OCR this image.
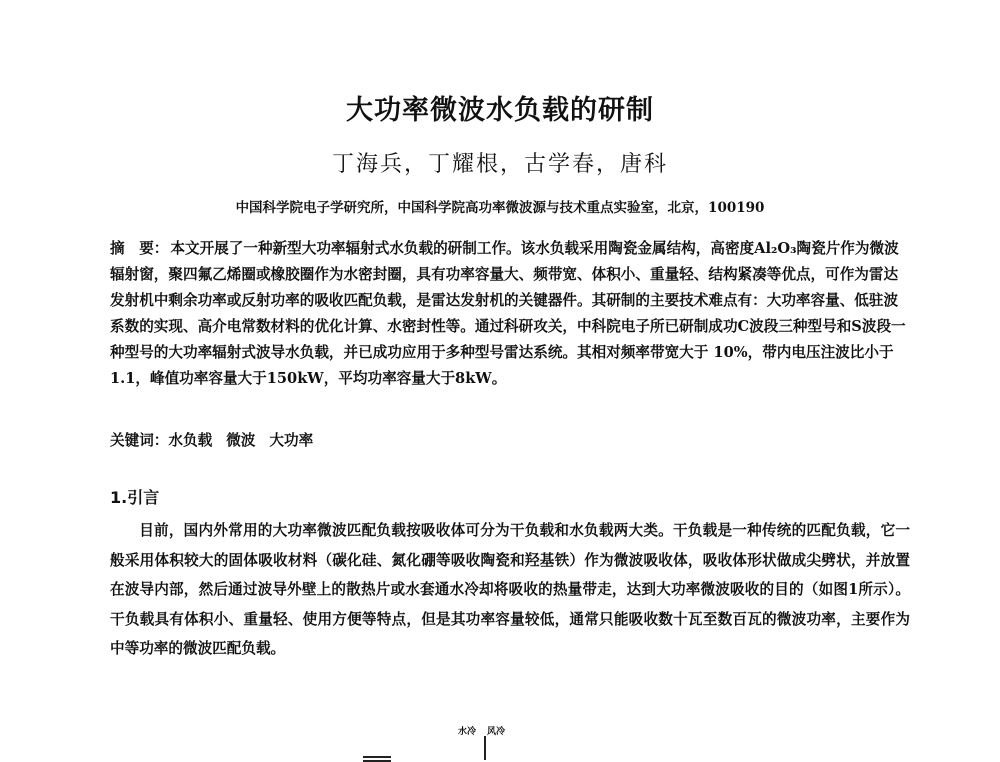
大功率微波水负载的研制
丁海兵，丁耀根，古学春，唐科
中国科学院电子学研究所，中国科学院高功率微波源与技术重点实验室，北京，100190
摘　要： 本文开展了一种新型大功率辐射式水负载的研制工作。该水负载采用陶瓷金属结构，高密度Al₂O₃陶瓷片作为微波辐射窗，聚四氟乙烯圈或橡胶圈作为水密封圈，具有功率容量大、频带宽、体积小、重量轻、结构紧凑等优点，可作为雷达发射机中剩余功率或反射功率的吸收匹配负载，是雷达发射机的关键器件。其研制的主要技术难点有：大功率容量、低驻波系数的实现、高介电常数材料的优化计算、水密封性等。通过科研攻关，中科院电子所已研制成功C波段三种型号和S波段一种型号的大功率辐射式波导水负载，并已成功应用于多种型号雷达系统。其相对频率带宽大于 10%，带内电压注波比小于 1.1，峰值功率容量大于150kW，平均功率容量大于8kW。
关键词：水负载 微波 大功率
1.引言
目前，国内外常用的大功率微波匹配负载按吸收体可分为干负载和水负载两大类。干负载是一种传统的匹配负载，它一般采用体积较大的固体吸收材料（碳化硅、氮化硼等吸收陶瓷和羟基铁）作为微波吸收体，吸收体形状做成尖劈状，并放置在波导内部，然后通过波导外壁上的散热片或水套通水冷却将吸收的热量带走，达到大功率微波吸收的目的（如图1所示）。干负载具有体积小、重量轻、使用方便等特点，但是其功率容量较低，通常只能吸收数十瓦至数百瓦的微波功率，主要作为中等功率的微波匹配负载。
水冷 风冷
